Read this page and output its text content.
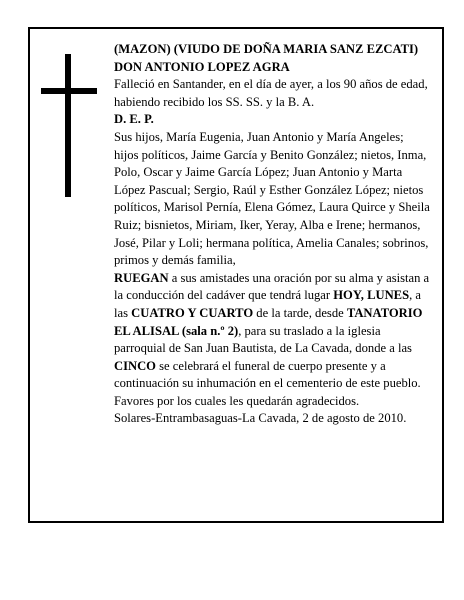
(MAZON) (VIUDO DE DOÑA MARIA SANZ EZCATI)

DON ANTONIO LOPEZ AGRA

Falleció en Santander, en el día de ayer, a los 90 años de edad, habiendo recibido los SS. SS. y la B. A.

D. E. P.

Sus hijos, María Eugenia, Juan Antonio y María Angeles; hijos políticos, Jaime García y Benito González; nietos, Inma, Polo, Oscar y Jaime García López; Juan Antonio y Marta López Pascual; Sergio, Raúl y Esther González López; nietos políticos, Marisol Pernía, Elena Gómez, Laura Quirce y Sheila Ruiz; bisnietos, Miriam, Iker, Yeray, Alba e Irene; hermanos, José, Pilar y Loli; hermana política, Amelia Canales; sobrinos, primos y demás familia,

RUEGAN a sus amistades una oración por su alma y asistan a la conducción del cadáver que tendrá lugar HOY, LUNES, a las CUATRO Y CUARTO de la tarde, desde TANATORIO EL ALISAL (sala n.º 2), para su traslado a la iglesia parroquial de San Juan Bautista, de La Cavada, donde a las CINCO se celebrará el funeral de cuerpo presente y a continuación su inhumación en el cementerio de este pueblo. Favores por los cuales les quedarán agradecidos.

Solares-Entrambasaguas-La Cavada, 2 de agosto de 2010.
